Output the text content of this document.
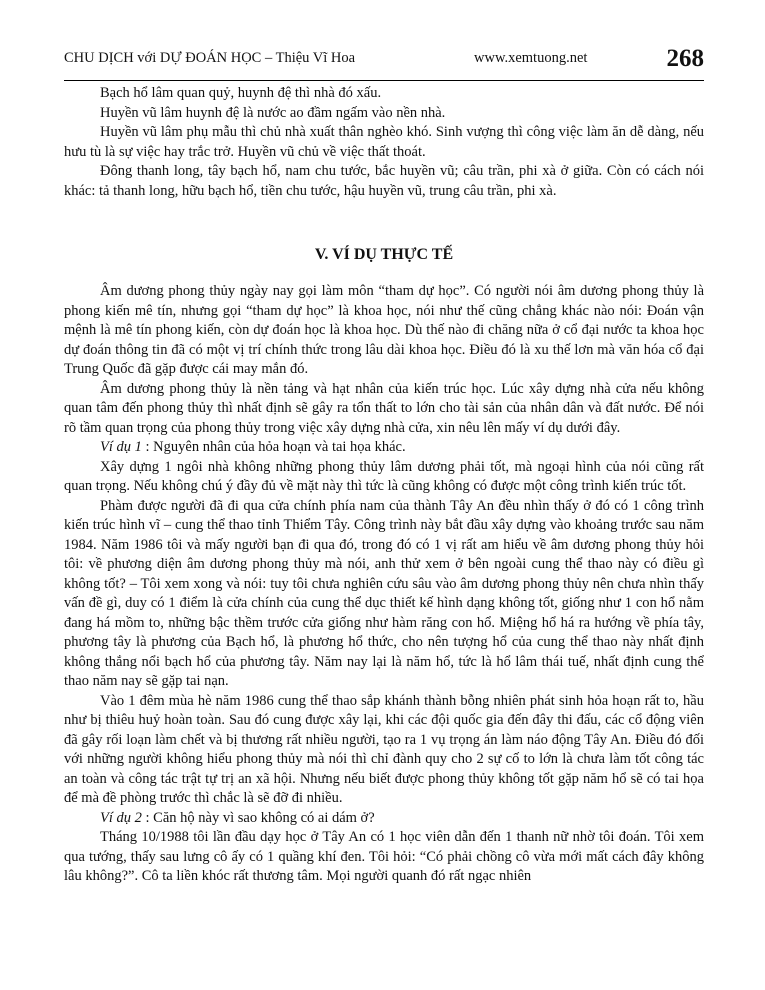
CHU DỊCH với DỰ ĐOÁN HỌC – Thiệu Vĩ Hoa	www.xemtuong.net	268

Bạch hổ lâm quan quỷ, huynh đệ thì nhà đó xấu.

Huyền vũ lâm huynh đệ là nước ao đầm ngấm vào nền nhà.

Huyền vũ lâm phụ mẫu thì chủ nhà xuất thân nghèo khó. Sinh vượng thì công việc làm ăn dễ dàng, nếu hưu tù là sự việc hay trắc trở. Huyền vũ chủ về việc thất thoát.

Đông thanh long, tây bạch hổ, nam chu tước, bắc huyền vũ; câu trần, phi xà ở giữa. Còn có cách nói khác: tả thanh long, hữu bạch hổ, tiền chu tước, hậu huyền vũ, trung câu trần, phi xà.

V. VÍ DỤ THỰC TẾ

Âm dương phong thủy ngày nay gọi làm môn “tham dự học”. Có người nói âm dương phong thủy là phong kiến mê tín, nhưng gọi “tham dự học” là khoa học, nói như thế cũng chẳng khác nào nói: Đoán vận mệnh là mê tín phong kiến, còn dự đoán học là khoa học. Dù thế nào đi chăng nữa ở cổ đại nước ta khoa học dự đoán thông tin đã có một vị trí chính thức trong lâu dài khoa học. Điều đó là xu thế lơn mà văn hóa cổ đại Trung Quốc đã gặp được cái may mắn đó.

Âm dương phong thủy là nền tảng và hạt nhân của kiến trúc học. Lúc xây dựng nhà cửa nếu không quan tâm đến phong thủy thì nhất định sẽ gây ra tổn thất to lớn cho tài sản của nhân dân và đất nước. Để nói rõ tầm quan trọng của phong thủy trong việc xây dựng nhà cửa, xin nêu lên mấy ví dụ dưới đây.

Ví dụ 1 : Nguyên nhân của hỏa hoạn và tai họa khác.

Xây dựng 1 ngôi nhà không những phong thủy lâm dương phải tốt, mà ngoại hình của nói cũng rất quan trọng. Nếu không chú ý đầy đủ về mặt này thì tức là cũng không có được một công trình kiến trúc tốt.

Phàm được người đã đi qua cửa chính phía nam của thành Tây An đều nhìn thấy ở đó có 1 công trình kiến trúc hình vĩ – cung thể thao tỉnh Thiểm Tây. Công trình này bắt đầu xây dựng vào khoảng trước sau năm 1984. Năm 1986 tôi và mấy người bạn đi qua đó, trong đó có 1 vị rất am hiểu về âm dương phong thủy hỏi tôi: về phương diện âm dương phong thủy mà nói, anh thử xem ở bên ngoài cung thể thao này có điều gì không tốt? – Tôi xem xong và nói: tuy tôi chưa nghiên cứu sâu vào âm dương phong thủy nên chưa nhìn thấy vấn đề gì, duy có 1 điểm là cửa chính của cung thể dục thiết kế hình dạng không tốt, giống như 1 con hổ nằm đang há mồm to, những bậc thềm trước cửa giống như hàm răng con hổ. Miệng hổ há ra hướng về phía tây, phương tây là phương của Bạch hổ, là phương hổ thức, cho nên tượng hổ của cung thể thao này nhất định không thắng nổi bạch hổ của phương tây. Năm nay lại là năm hổ, tức là hổ lâm thái tuế, nhất định cung thể thao năm nay sẽ gặp tai nạn.

Vào 1 đêm mùa hè năm 1986 cung thể thao sắp khánh thành bỗng nhiên phát sinh hỏa hoạn rất to, hầu như bị thiêu huỷ hoàn toàn. Sau đó cung được xây lại, khi các đội quốc gia đến đây thi đấu, các cổ động viên đã gây rối loạn làm chết và bị thương rất nhiều người, tạo ra 1 vụ trọng án làm náo động Tây An. Điều đó đối với những người không hiểu phong thủy mà nói thì chỉ đành quy cho 2 sự cố to lớn là chưa làm tốt công tác an toàn và công tác trật tự trị an xã hội. Nhưng nếu biết được phong thủy không tốt gặp năm hổ sẽ có tai họa để mà đề phòng trước thì chắc là sẽ đỡ đi nhiều.

Ví dụ 2 : Căn hộ này vì sao không có ai dám ở?

Tháng 10/1988 tôi lần đầu dạy học ở Tây An có 1 học viên dẫn đến 1 thanh nữ nhờ tôi đoán. Tôi xem qua tướng, thấy sau lưng cô ấy có 1 quầng khí đen. Tôi hỏi: “Có phải chồng cô vừa mới mất cách đây không lâu không?”. Cô ta liền khóc rất thương tâm. Mọi người quanh đó rất ngạc nhiên
